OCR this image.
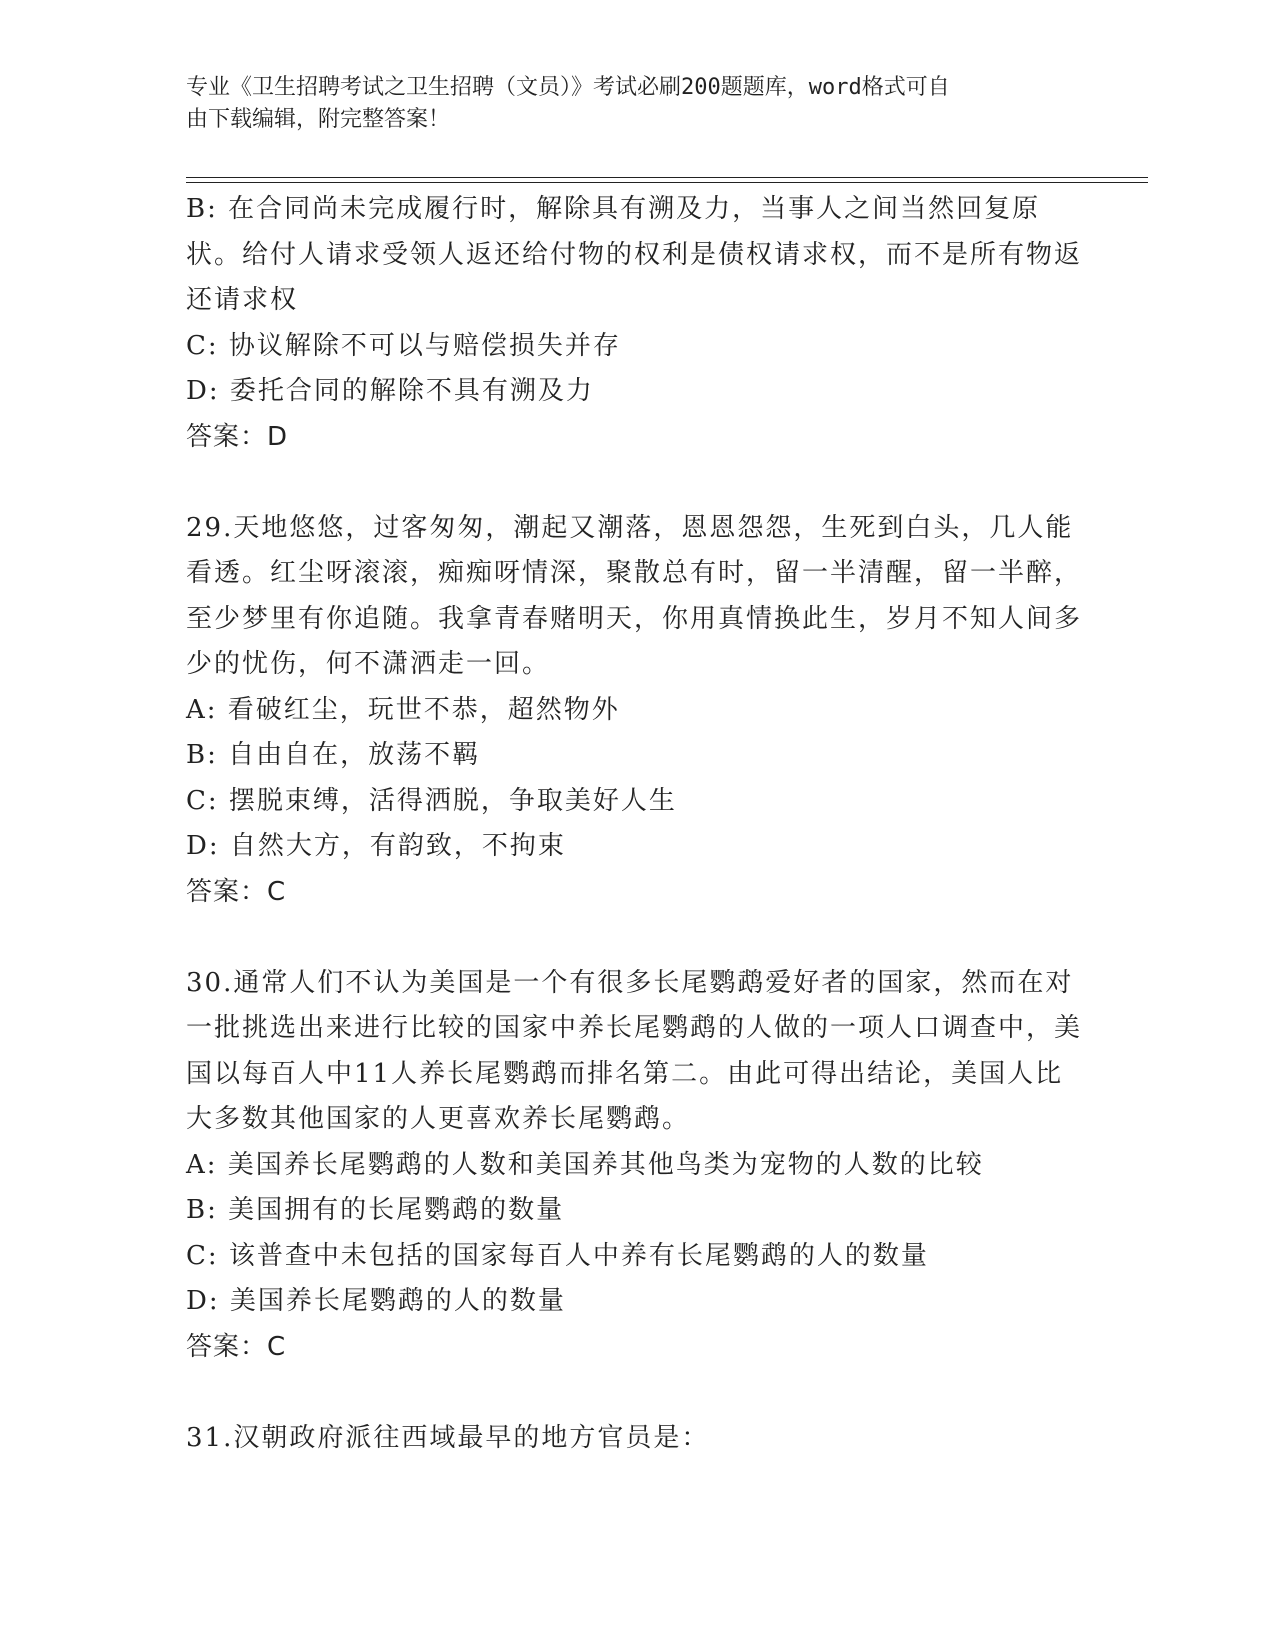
专业《卫生招聘考试之卫生招聘（文员）》考试必刷200题题库，word格式可自
由下载编辑，附完整答案！

B: 在合同尚未完成履行时，解除具有溯及力，当事人之间当然回复原状。给付人请求受领人返还给付物的权利是债权请求权，而不是所有物返还请求权

C: 协议解除不可以与赔偿损失并存

D: 委托合同的解除不具有溯及力

答案：D

29.天地悠悠，过客匆匆，潮起又潮落，恩恩怨怨，生死到白头，几人能看透。红尘呀滚滚，痴痴呀情深，聚散总有时，留一半清醒，留一半醉，至少梦里有你追随。我拿青春赌明天，你用真情换此生，岁月不知人间多少的忧伤，何不潇洒走一回。

A: 看破红尘，玩世不恭，超然物外

B: 自由自在，放荡不羁

C: 摆脱束缚，活得洒脱，争取美好人生

D: 自然大方，有韵致，不拘束

答案：C

30.通常人们不认为美国是一个有很多长尾鹦鹉爱好者的国家，然而在对一批挑选出来进行比较的国家中养长尾鹦鹉的人做的一项人口调查中，美国以每百人中11人养长尾鹦鹉而排名第二。由此可得出结论，美国人比大多数其他国家的人更喜欢养长尾鹦鹉。

A: 美国养长尾鹦鹉的人数和美国养其他鸟类为宠物的人数的比较

B: 美国拥有的长尾鹦鹉的数量

C: 该普查中未包括的国家每百人中养有长尾鹦鹉的人的数量

D: 美国养长尾鹦鹉的人的数量

答案：C

31.汉朝政府派往西域最早的地方官员是：
